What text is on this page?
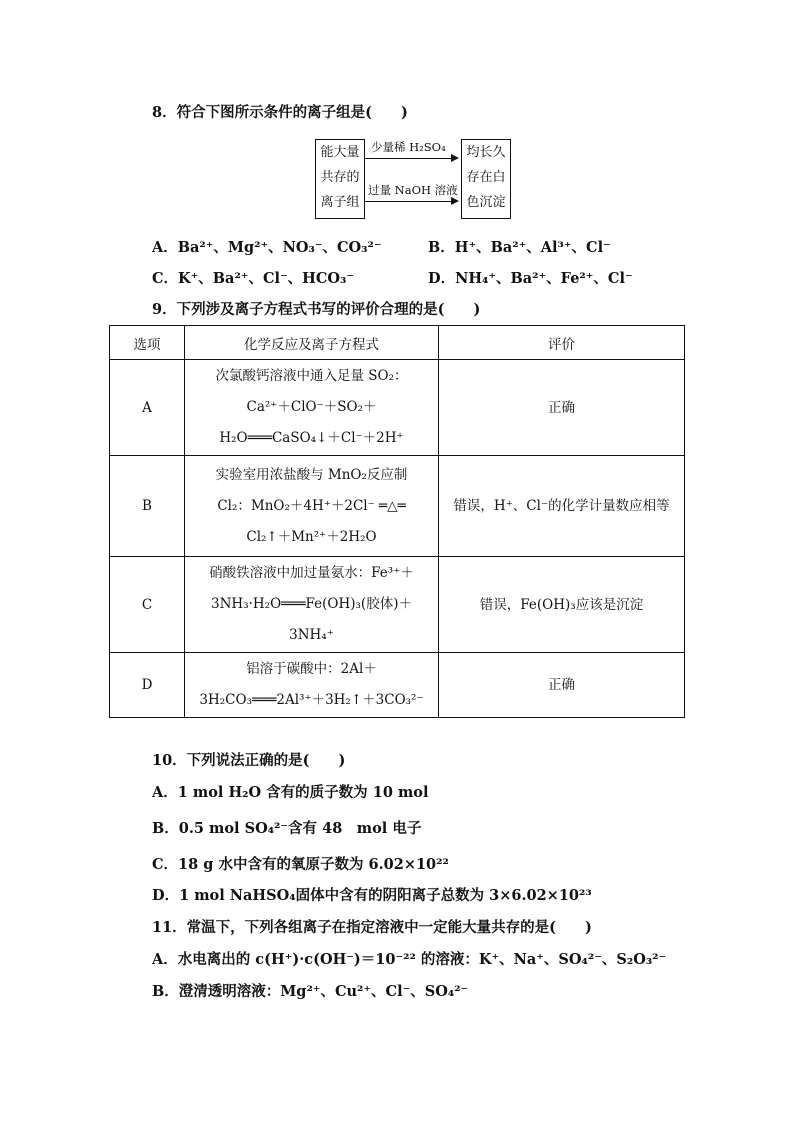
8．符合下图所示条件的离子组是(　　)
能大量
共存的
离子组
均长久
存在白
色沉淀
少量稀 H₂SO₄
过量 NaOH 溶液
A．Ba²⁺、Mg²⁺、NO₃⁻、CO₃²⁻	B．H⁺、Ba²⁺、Al³⁺、Cl⁻
C．K⁺、Ba²⁺、Cl⁻、HCO₃⁻	D．NH₄⁺、Ba²⁺、Fe²⁺、Cl⁻
9．下列涉及离子方程式书写的评价合理的是(　　)
选项	化学反应及离子方程式	评价
A	次氯酸钙溶液中通入足量 SO₂：
Ca²⁺＋ClO⁻＋SO₂＋
H₂O═══CaSO₄↓＋Cl⁻＋2H⁺	正确
B	实验室用浓盐酸与 MnO₂反应制
Cl₂：MnO₂＋4H⁺＋2Cl⁻ ═△═
Cl₂↑＋Mn²⁺＋2H₂O	错误，H⁺、Cl⁻的化学计量数应相等
C	硝酸铁溶液中加过量氨水：Fe³⁺＋
3NH₃·H₂O═══Fe(OH)₃(胶体)＋
3NH₄⁺	错误，Fe(OH)₃应该是沉淀
D	铝溶于碳酸中：2Al＋
3H₂CO₃═══2Al³⁺＋3H₂↑＋3CO₃²⁻	正确
10．下列说法正确的是(　　)
A．1 mol H₂O 含有的质子数为 10 mol
B．0.5 mol SO₄²⁻含有 48　mol 电子
C．18 g 水中含有的氧原子数为 6.02×10²²
D．1 mol NaHSO₄固体中含有的阴阳离子总数为 3×6.02×10²³
11．常温下，下列各组离子在指定溶液中一定能大量共存的是(　　)
A．水电离出的 c(H⁺)·c(OH⁻)＝10⁻²² 的溶液：K⁺、Na⁺、SO₄²⁻、S₂O₃²⁻
B．澄清透明溶液：Mg²⁺、Cu²⁺、Cl⁻、SO₄²⁻
